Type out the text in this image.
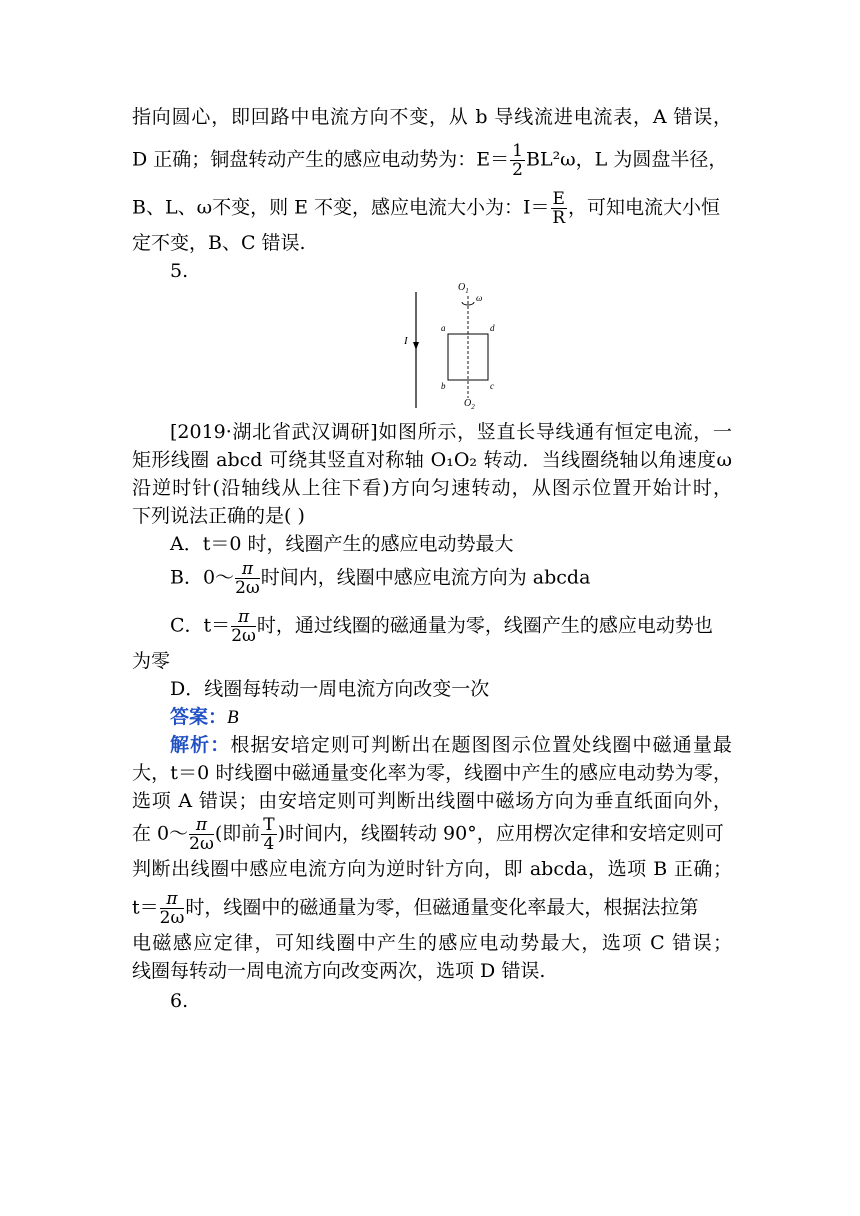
指向圆心，即回路中电流方向不变，从 b 导线流进电流表，A 错误，
D 正确；铜盘转动产生的感应电动势为：$E= \frac{1}{2} BL^2\omega$，L 为圆盘半径，
B、L、ω不变，则 E 不变，感应电流大小为：$I= \frac{E}{R}$ ，可知电流大小恒
定不变，B、C 错误.
5.
I
$O_1$
ω
a	d
b	c
$O_2$
[2019·湖北省武汉调研]如图所示，竖直长导线通有恒定电流，一
矩形线圈 abcd 可绕其竖直对称轴 O₁O₂ 转动．当线圈绕轴以角速度ω
沿逆时针(沿轴线从上往下看)方向匀速转动，从图示位置开始计时，
下列说法正确的是( )
A．t＝0 时，线圈产生的感应电动势最大
B．0～ $\frac{\pi}{2\omega}$ 时间内，线圈中感应电流方向为 abcda
C．$t= \frac{\pi}{2\omega}$ 时，通过线圈的磁通量为零，线圈产生的感应电动势也
为零
D．线圈每转动一周电流方向改变一次
答案：B
解析：根据安培定则可判断出在题图图示位置处线圈中磁通量最
大，t＝0 时线圈中磁通量变化率为零，线圈中产生的感应电动势为零，
选项 A 错误；由安培定则可判断出线圈中磁场方向为垂直纸面向外，
在 0～ $\frac{\pi}{2\omega}$ (即前 $\frac{T}{4}$ )时间内，线圈转动 90°，应用楞次定律和安培定则可
判断出线圈中感应电流方向为逆时针方向，即 abcda，选项 B 正确；
$t= \frac{\pi}{2\omega}$ 时，线圈中的磁通量为零，但磁通量变化率最大，根据法拉第
电磁感应定律，可知线圈中产生的感应电动势最大，选项 C 错误；
线圈每转动一周电流方向改变两次，选项 D 错误.
6.
